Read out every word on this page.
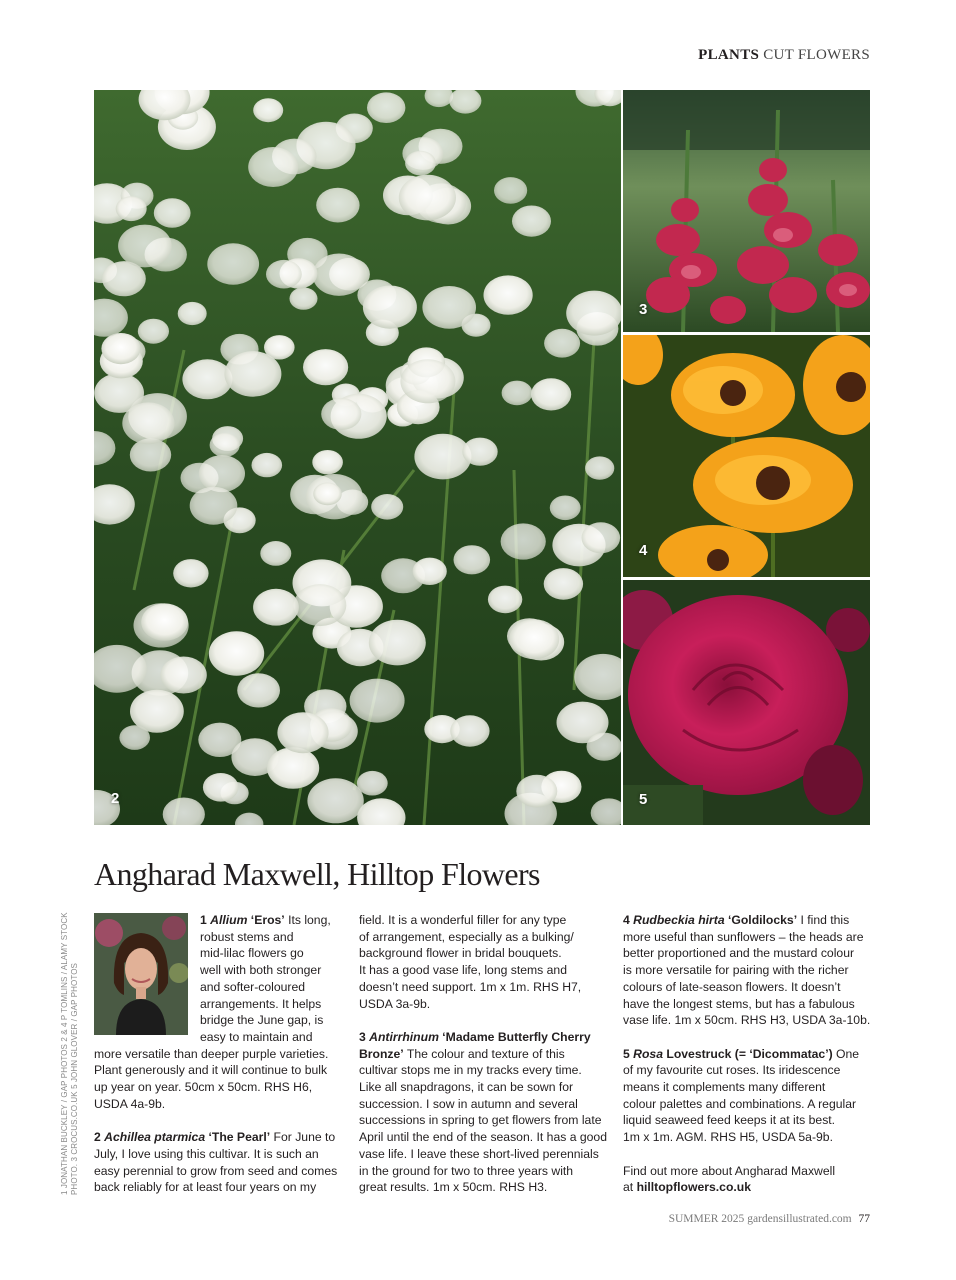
PLANTS CUT FLOWERS
2
3
4
5
Angharad Maxwell, Hilltop Flowers
1 JONATHAN BUCKLEY / GAP PHOTOS 2 & 4 P TOMLINS / ALAMY STOCK PHOTO. 3 CROCUS.CO.UK 5 JOHN GLOVER / GAP PHOTOS

1 Allium ‘Eros’ Its long,

robust stems and

mid-lilac flowers go

well with both stronger

and softer-coloured

arrangements. It helps

bridge the June gap, is

easy to maintain and

more versatile than deeper purple varieties.

Plant generously and it will continue to bulk

up year on year. 50cm x 50cm. RHS H6,

USDA 4a-9b.

2 Achillea ptarmica ‘The Pearl’ For June to

July, I love using this cultivar. It is such an

easy perennial to grow from seed and comes

back reliably for at least four years on my

field. It is a wonderful filler for any type

of arrangement, especially as a bulking/

background flower in bridal bouquets.

It has a good vase life, long stems and

doesn’t need support. 1m x 1m. RHS H7,

USDA 3a-9b.

3 Antirrhinum ‘Madame Butterfly Cherry

Bronze’ The colour and texture of this

cultivar stops me in my tracks every time.

Like all snapdragons, it can be sown for

succession. I sow in autumn and several

successions in spring to get flowers from late

April until the end of the season. It has a good

vase life. I leave these short-lived perennials

in the ground for two to three years with

great results. 1m x 50cm. RHS H3.

4 Rudbeckia hirta ‘Goldilocks’ I find this

more useful than sunflowers – the heads are

better proportioned and the mustard colour

is more versatile for pairing with the richer

colours of late-season flowers. It doesn’t

have the longest stems, but has a fabulous

vase life. 1m x 50cm. RHS H3, USDA 3a-10b.

5 Rosa Lovestruck (= ‘Dicommatac’) One

of my favourite cut roses. Its iridescence

means it complements many different

colour palettes and combinations. A regular

liquid seaweed feed keeps it at its best.

1m x 1m. AGM. RHS H5, USDA 5a-9b.

Find out more about Angharad Maxwell

at hilltopflowers.co.uk

SUMMER 2025 gardensillustrated.com 77
